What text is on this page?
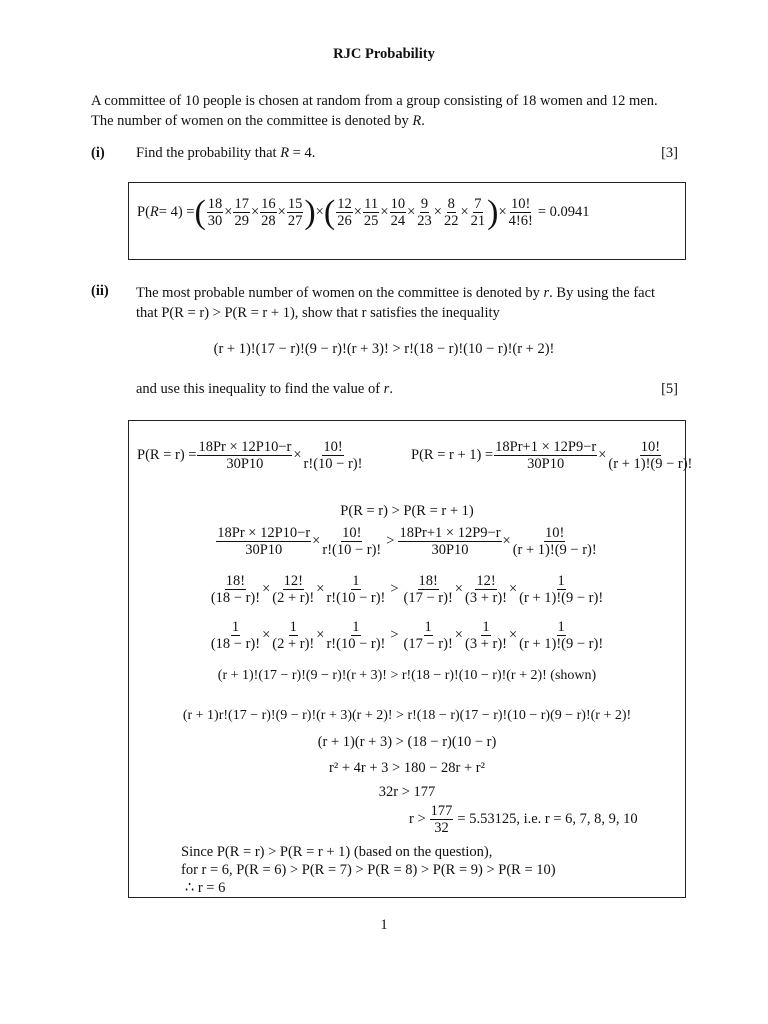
RJC Probability
A committee of 10 people is chosen at random from a group consisting of 18 women and 12 men.
The number of women on the committee is denoted by R.
(i) Find the probability that R = 4.	[3]
P( R = 4) = ( $\frac{18}{30} \times \frac{17}{29} \times \frac{16}{28} \times \frac{15}{27}$ ) × ( $\frac{12}{26} \times \frac{11}{25} \times \frac{10}{24} \times \frac{9}{23} \times \frac{8}{22} \times \frac{7}{21}$ ) × $\frac{10!}{4!6!} = 0.0941$
(ii) The most probable number of women on the committee is denoted by r. By using the fact
that P(R = r) > P(R = r + 1), show that r satisfies the inequality
(r + 1)!(17 − r)!(9 − r)!(r + 3)! > r!(18 − r)!(10 − r)!(r + 2)!
and use this inequality to find the value of r.	[5]
$P(R = r) = \frac{18Pr \times 12P10-r}{30P10} \times \frac{10!}{r!(10 - r)!}$	$P(R = r + 1) = \frac{18Pr+1 \times 12P9-r}{30P10} \times \frac{10!}{(r + 1)!(9 - r)!}$
P(R = r) > P(R = r + 1)
$\frac{18Pr \times 12P10-r}{30P10} \times \frac{10!}{r!(10 - r)!} > \frac{18Pr+1 \times 12P9-r}{30P10} \times \frac{10!}{(r + 1)!(9 - r)!}$
$\frac{18!}{(18 - r)!} \times \frac{12!}{(2 + r)!} \times \frac{1}{r!(10 - r)!} > \frac{18!}{(17 - r)!} \times \frac{12!}{(3 + r)!} \times \frac{1}{(r + 1)!(9 - r)!}$
$\frac{1}{(18 - r)!} \times \frac{1}{(2 + r)!} \times \frac{1}{r!(10 - r)!} > \frac{1}{(17 - r)!} \times \frac{1}{(3 + r)!} \times \frac{1}{(r + 1)!(9 - r)!}$
(r + 1)!(17 − r)!(9 − r)!(r + 3)! > r!(18 − r)!(10 − r)!(r + 2)! (shown)
(r + 1)r!(17 − r)!(9 − r)!(r + 3)(r + 2)! > r!(18 − r)(17 − r)!(10 − r)(9 − r)!(r + 2)!
(r + 1)(r + 3) > (18 − r)(10 − r)
r² + 4r + 3 > 180 − 28r + r²
32r > 177
$r > \frac{177}{32} = 5.53125$, i.e. r = 6, 7, 8, 9, 10
Since P(R = r) > P(R = r + 1) (based on the question),
for r = 6, P(R = 6) > P(R = 7) > P(R = 8) > P(R = 9) > P(R = 10)
∴ r = 6
1
